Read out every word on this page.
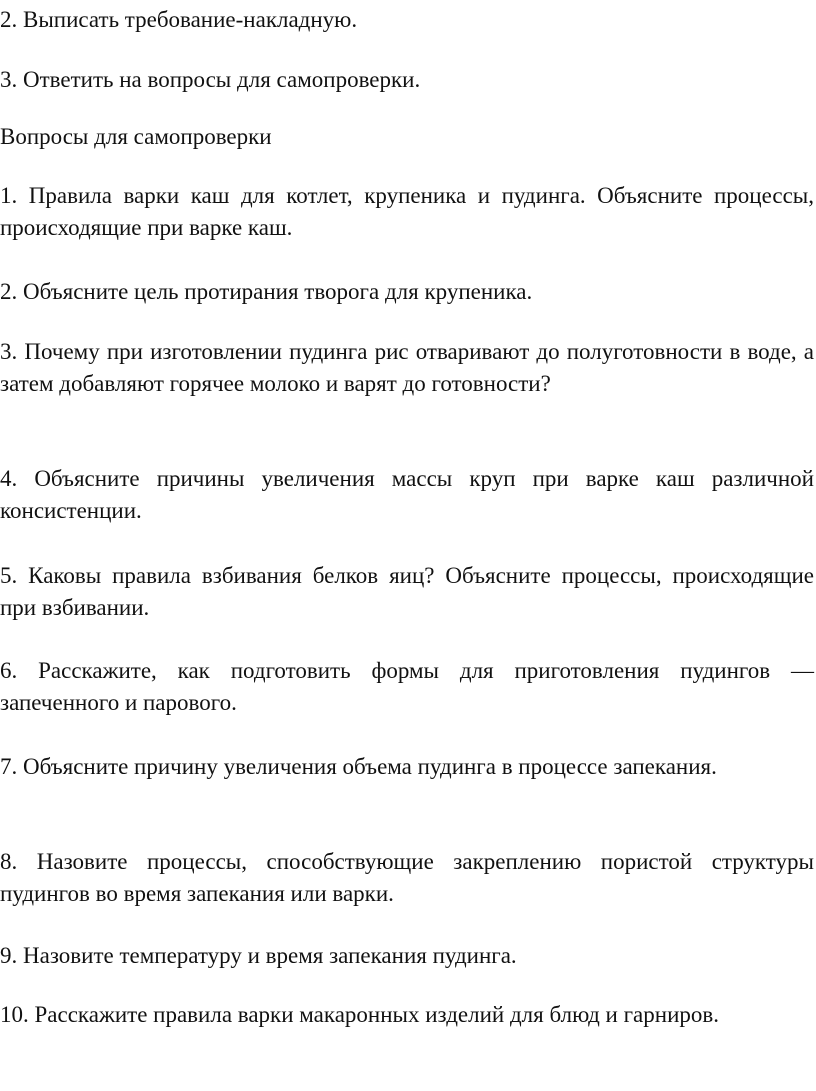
2. Выписать требование-накладную.

3. Ответить на вопросы для самопроверки.

Вопросы для самопроверки

1. Правила варки каш для котлет, крупеника и пудинга. Объясните процессы, происходящие при варке каш.

2. Объясните цель протирания творога для крупеника.

3. Почему при изготовлении пудинга рис отваривают до полуготовности в воде, а затем добавляют горячее молоко и варят до готовности?

4. Объясните причины увеличения массы круп при варке каш различной консистенции.

5. Каковы правила взбивания белков яиц? Объясните процессы, происходящие при взбивании.

6. Расскажите, как подготовить формы для приготовления пудингов — запеченного и парового.

7. Объясните причину увеличения объема пудинга в процессе запекания.

8. Назовите процессы, способствующие закреплению пористой структуры пудингов во время запекания или варки.

9. Назовите температуру и время запекания пудинга.

10. Расскажите правила варки макаронных изделий для блюд и гарниров.
